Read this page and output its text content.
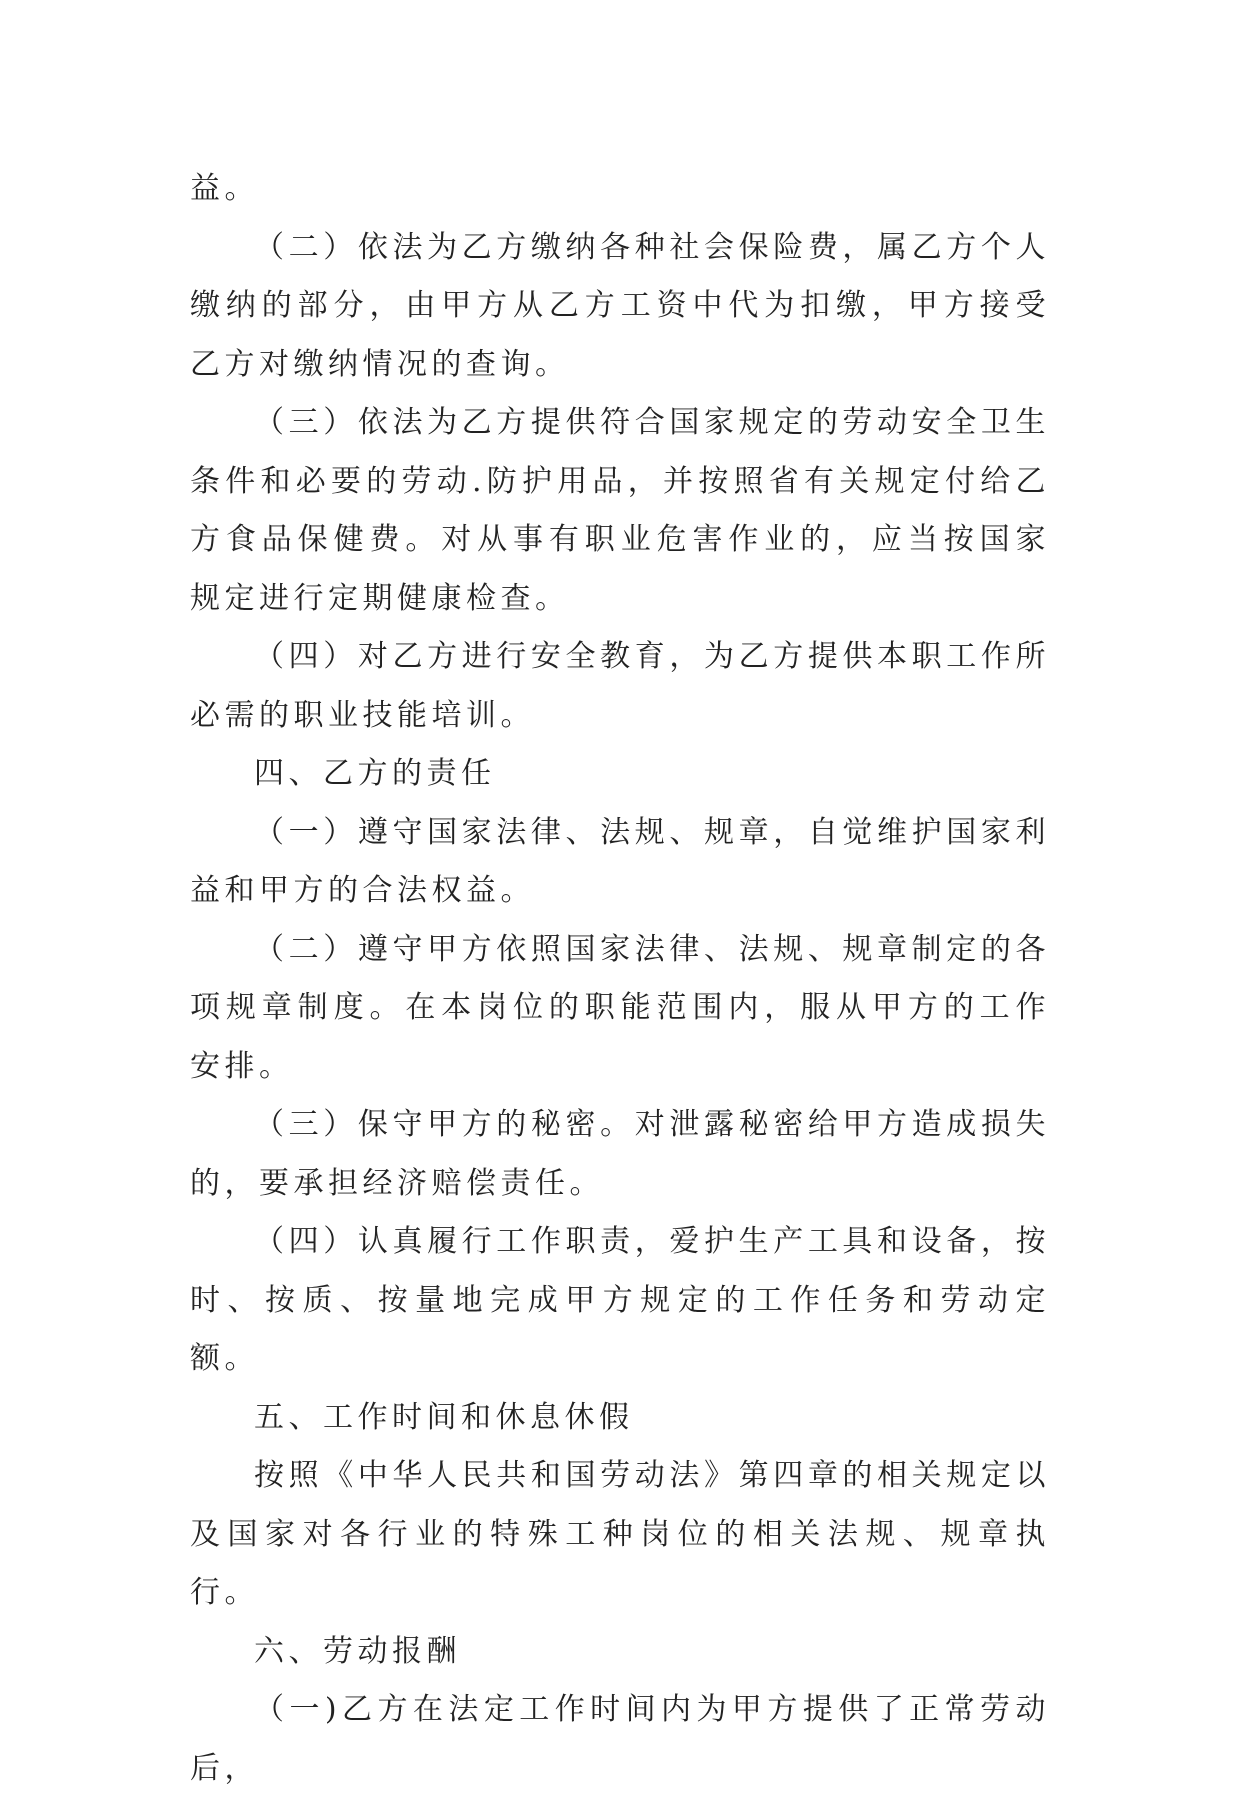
益。

（二）依法为乙方缴纳各种社会保险费，属乙方个人缴纳的部分，由甲方从乙方工资中代为扣缴，甲方接受乙方对缴纳情况的查询。

（三）依法为乙方提供符合国家规定的劳动安全卫生条件和必要的劳动.防护用品，并按照省有关规定付给乙方食品保健费。对从事有职业危害作业的，应当按国家规定进行定期健康检查。

（四）对乙方进行安全教育，为乙方提供本职工作所必需的职业技能培训。

四、乙方的责任

（一）遵守国家法律、法规、规章，自觉维护国家利益和甲方的合法权益。

（二）遵守甲方依照国家法律、法规、规章制定的各项规章制度。在本岗位的职能范围内，服从甲方的工作安排。

（三）保守甲方的秘密。对泄露秘密给甲方造成损失的，要承担经济赔偿责任。

（四）认真履行工作职责，爱护生产工具和设备，按时、按质、按量地完成甲方规定的工作任务和劳动定额。

五、工作时间和休息休假

按照《中华人民共和国劳动法》第四章的相关规定以及国家对各行业的特殊工种岗位的相关法规、规章执行。

六、劳动报酬

（一)乙方在法定工作时间内为甲方提供了正常劳动后，
